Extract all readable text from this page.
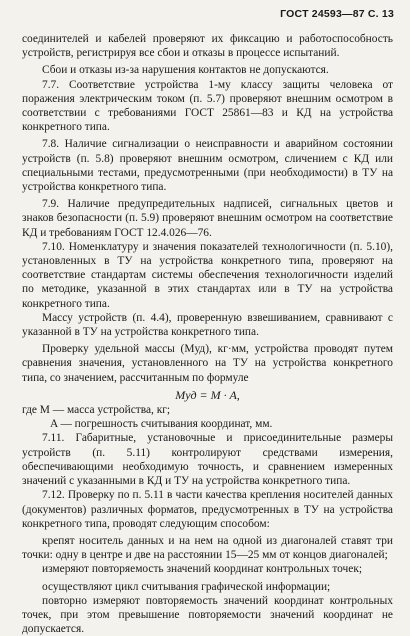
ГОСТ 24593—87 С. 13

соединителей и кабелей проверяют их фиксацию и работоспособность устройств, регистрируя все сбои и отказы в процессе испытаний.

Сбои и отказы из-за нарушения контактов не допускаются.

7.7. Соответствие устройства 1-му классу защиты человека от поражения электрическим током (п. 5.7) проверяют внешним осмотром в соответствии с требованиями ГОСТ 25861—83 и КД на устройства конкретного типа.

7.8. Наличие сигнализации о неисправности и аварийном состоянии устройств (п. 5.8) проверяют внешним осмотром, сличением с КД или специальными тестами, предусмотренными (при необходимости) в ТУ на устройства конкретного типа.

7.9. Наличие предупредительных надписей, сигнальных цветов и знаков безопасности (п. 5.9) проверяют внешним осмотром на соответствие КД и требованиям ГОСТ 12.4.026—76.

7.10. Номенклатуру и значения показателей технологичности (п. 5.10), установленных в ТУ на устройства конкретного типа, проверяют на соответствие стандартам системы обеспечения технологичности изделий по методике, указанной в этих стандартах или в ТУ на устройства конкретного типа.

Массу устройств (п. 4.4), проверенную взвешиванием, сравнивают с указанной в ТУ на устройства конкретного типа.

Проверку удельной массы (Mуд), кг·мм, устройства проводят путем сравнения значения, установленного на ТУ на устройства конкретного типа, со значением, рассчитанным по формуле

Mуд = M · A,
где M — масса устройства, кг;
A — погрешность считывания координат, мм.

7.11. Габаритные, установочные и присоединительные размеры устройств (п. 5.11) контролируют средствами измерения, обеспечивающими необходимую точность, и сравнением измеренных значений с указанными в КД и ТУ на устройства конкретного типа.

7.12. Проверку по п. 5.11 в части качества крепления носителей данных (документов) различных форматов, предусмотренных в ТУ на устройства конкретного типа, проводят следующим способом:

крепят носитель данных и на нем на одной из диагоналей ставят три точки: одну в центре и две на расстоянии 15—25 мм от концов диагоналей;

измеряют повторяемость значений координат контрольных точек;

осуществляют цикл считывания графической информации;

повторно измеряют повторяемость значений координат контрольных точек, при этом превышение повторяемости значений координат не допускается.
